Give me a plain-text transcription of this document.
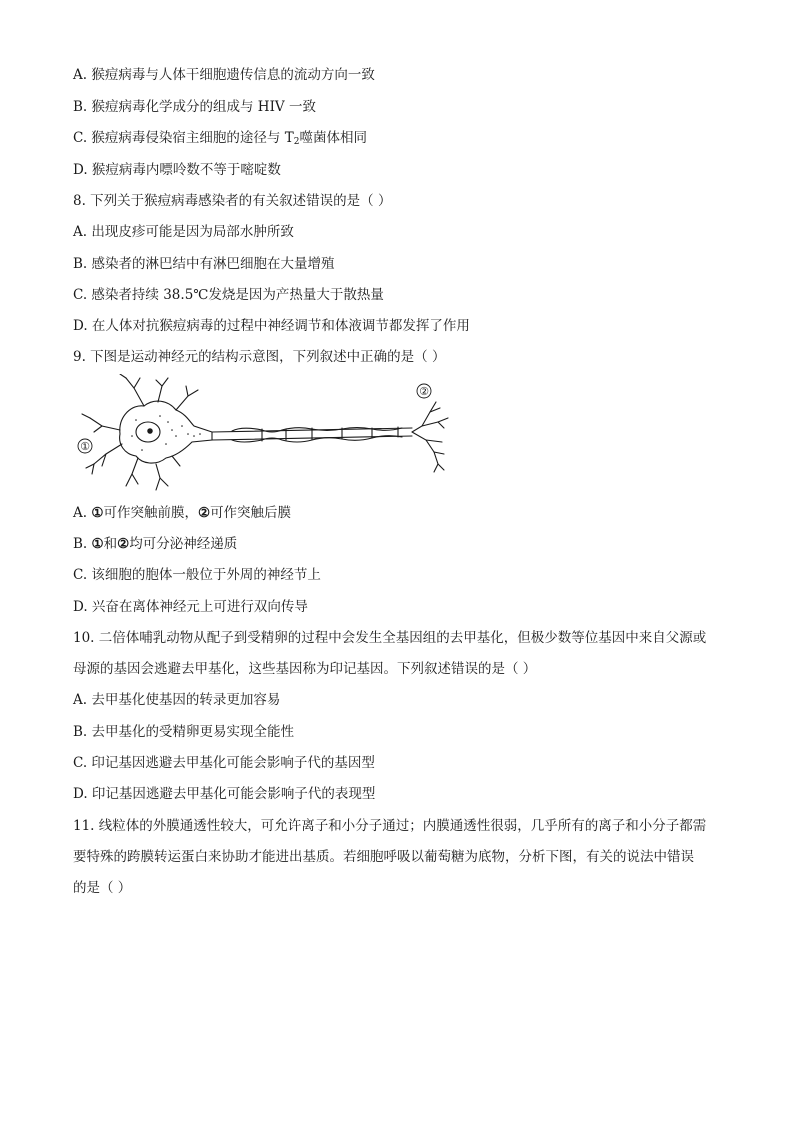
A. 猴痘病毒与人体干细胞遗传信息的流动方向一致
B. 猴痘病毒化学成分的组成与 HIV 一致
C. 猴痘病毒侵染宿主细胞的途径与 $T_2$噬菌体相同
D. 猴痘病毒内嘌呤数不等于嘧啶数
8. 下列关于猴痘病毒感染者的有关叙述错误的是（ ）
A. 出现皮疹可能是因为局部水肿所致
B. 感染者的淋巴结中有淋巴细胞在大量增殖
C. 感染者持续 38.5℃发烧是因为产热量大于散热量
D. 在人体对抗猴痘病毒的过程中神经调节和体液调节都发挥了作用
9. 下图是运动神经元的结构示意图，下列叙述中正确的是（ ）
①
②
A. ①可作突触前膜，②可作突触后膜
B. ①和②均可分泌神经递质
C. 该细胞的胞体一般位于外周的神经节上
D. 兴奋在离体神经元上可进行双向传导
10. 二倍体哺乳动物从配子到受精卵的过程中会发生全基因组的去甲基化，但极少数等位基因中来自父源或
母源的基因会逃避去甲基化，这些基因称为印记基因。下列叙述错误的是（ ）
A. 去甲基化使基因的转录更加容易
B. 去甲基化的受精卵更易实现全能性
C. 印记基因逃避去甲基化可能会影响子代的基因型
D. 印记基因逃避去甲基化可能会影响子代的表现型
11. 线粒体的外膜通透性较大，可允许离子和小分子通过；内膜通透性很弱，几乎所有的离子和小分子都需
要特殊的跨膜转运蛋白来协助才能进出基质。若细胞呼吸以葡萄糖为底物，分析下图，有关的说法中错误
的是（ ）
